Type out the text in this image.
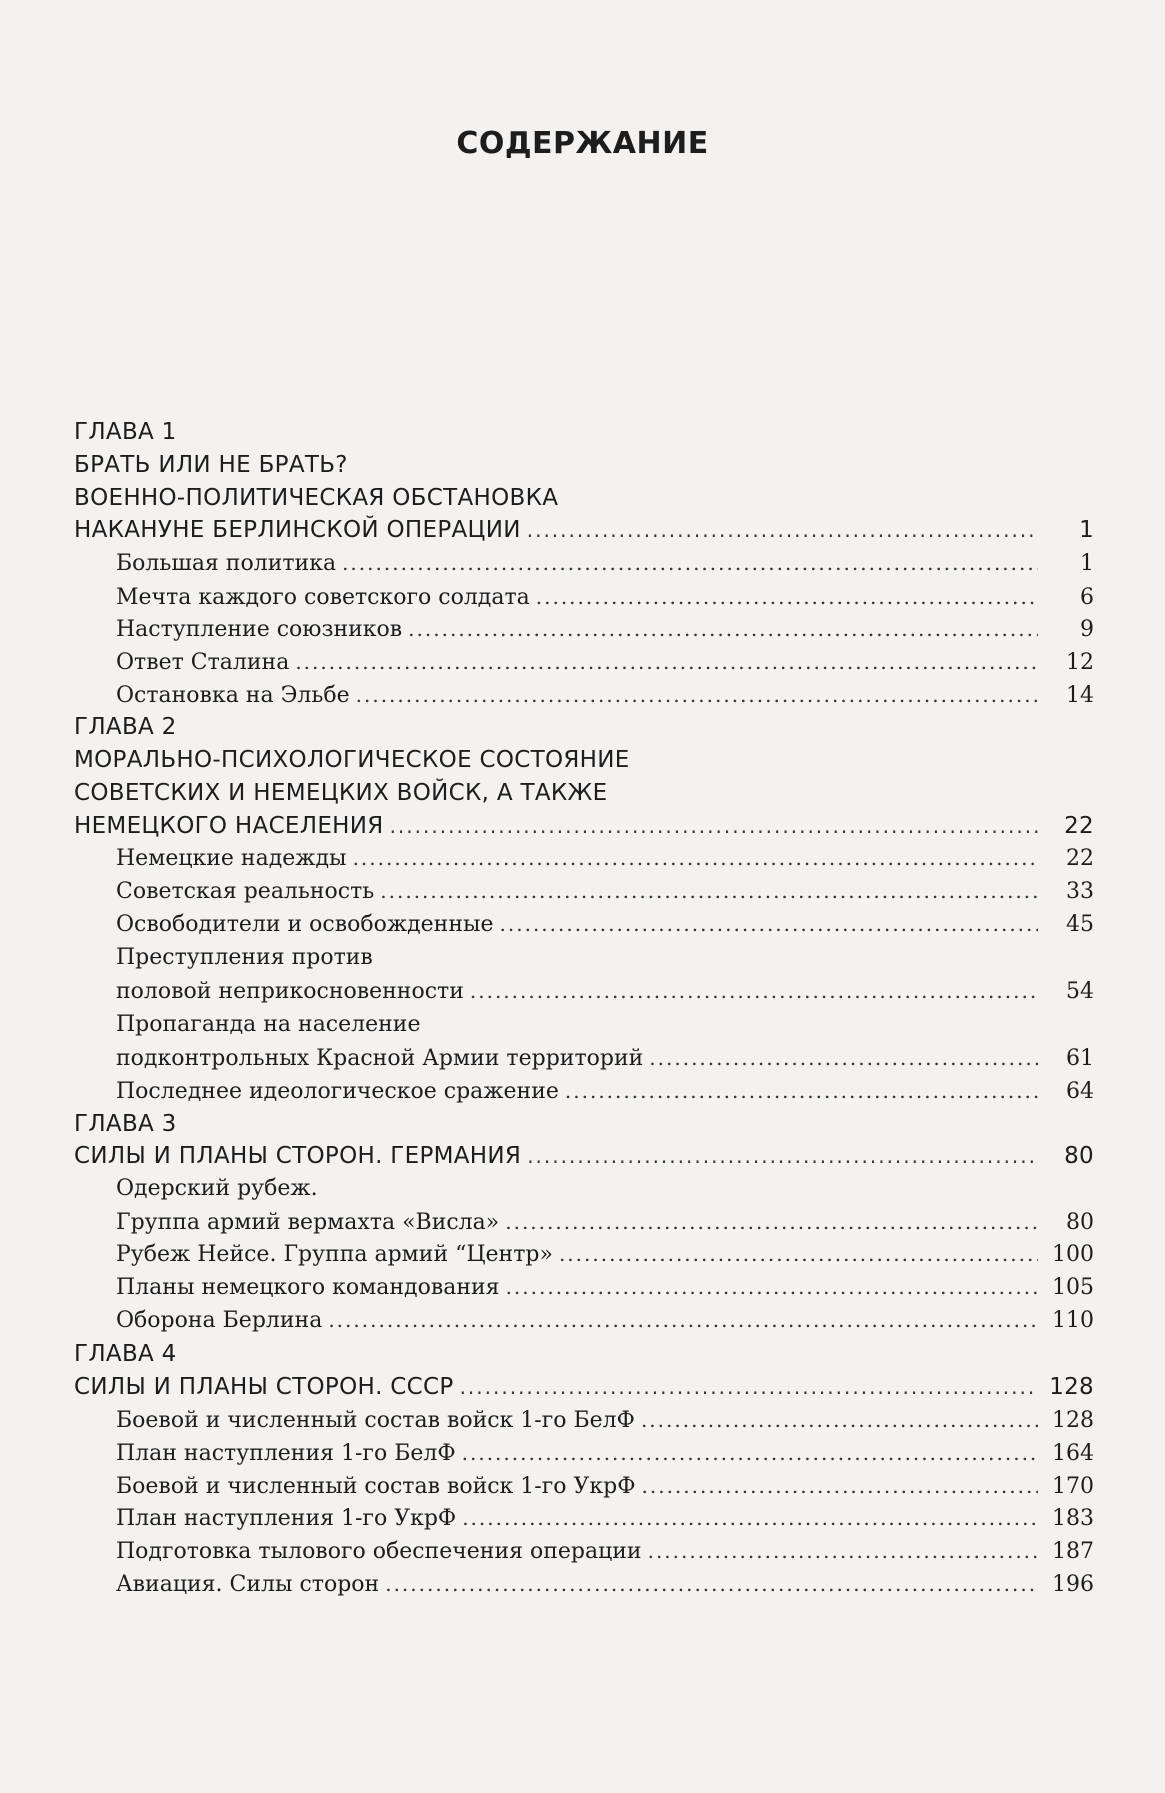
СОДЕРЖАНИЕ
ГЛАВА 1
БРАТЬ ИЛИ НЕ БРАТЬ?
ВОЕННО-ПОЛИТИЧЕСКАЯ ОБСТАНОВКА
НАКАНУНЕ БЕРЛИНСКОЙ ОПЕРАЦИИ .....	1
Большая политика .....	1
Мечта каждого советского солдата .....	6
Наступление союзников .....	9
Ответ Сталина .....	12
Остановка на Эльбе .....	14
ГЛАВА 2
МОРАЛЬНО-ПСИХОЛОГИЧЕСКОЕ СОСТОЯНИЕ
СОВЕТСКИХ И НЕМЕЦКИХ ВОЙСК, А ТАКЖЕ
НЕМЕЦКОГО НАСЕЛЕНИЯ .....	22
Немецкие надежды .....	22
Советская реальность .....	33
Освободители и освобожденные .....	45
Преступления против
половой неприкосновенности .....	54
Пропаганда на население
подконтрольных Красной Армии территорий .....	61
Последнее идеологическое сражение .....	64
ГЛАВА 3
СИЛЫ И ПЛАНЫ СТОРОН. ГЕРМАНИЯ .....	80
Одерский рубеж.
Группа армий вермахта «Висла» .....	80
Рубеж Нейсе. Группа армий “Центр» .....	100
Планы немецкого командования .....	105
Оборона Берлина .....	110
ГЛАВА 4
СИЛЫ И ПЛАНЫ СТОРОН. СССР .....	128
Боевой и численный состав войск 1-го БелФ .....	128
План наступления 1-го БелФ .....	164
Боевой и численный состав войск 1-го УкрФ .....	170
План наступления 1-го УкрФ .....	183
Подготовка тылового обеспечения операции .....	187
Авиация. Силы сторон .....	196
